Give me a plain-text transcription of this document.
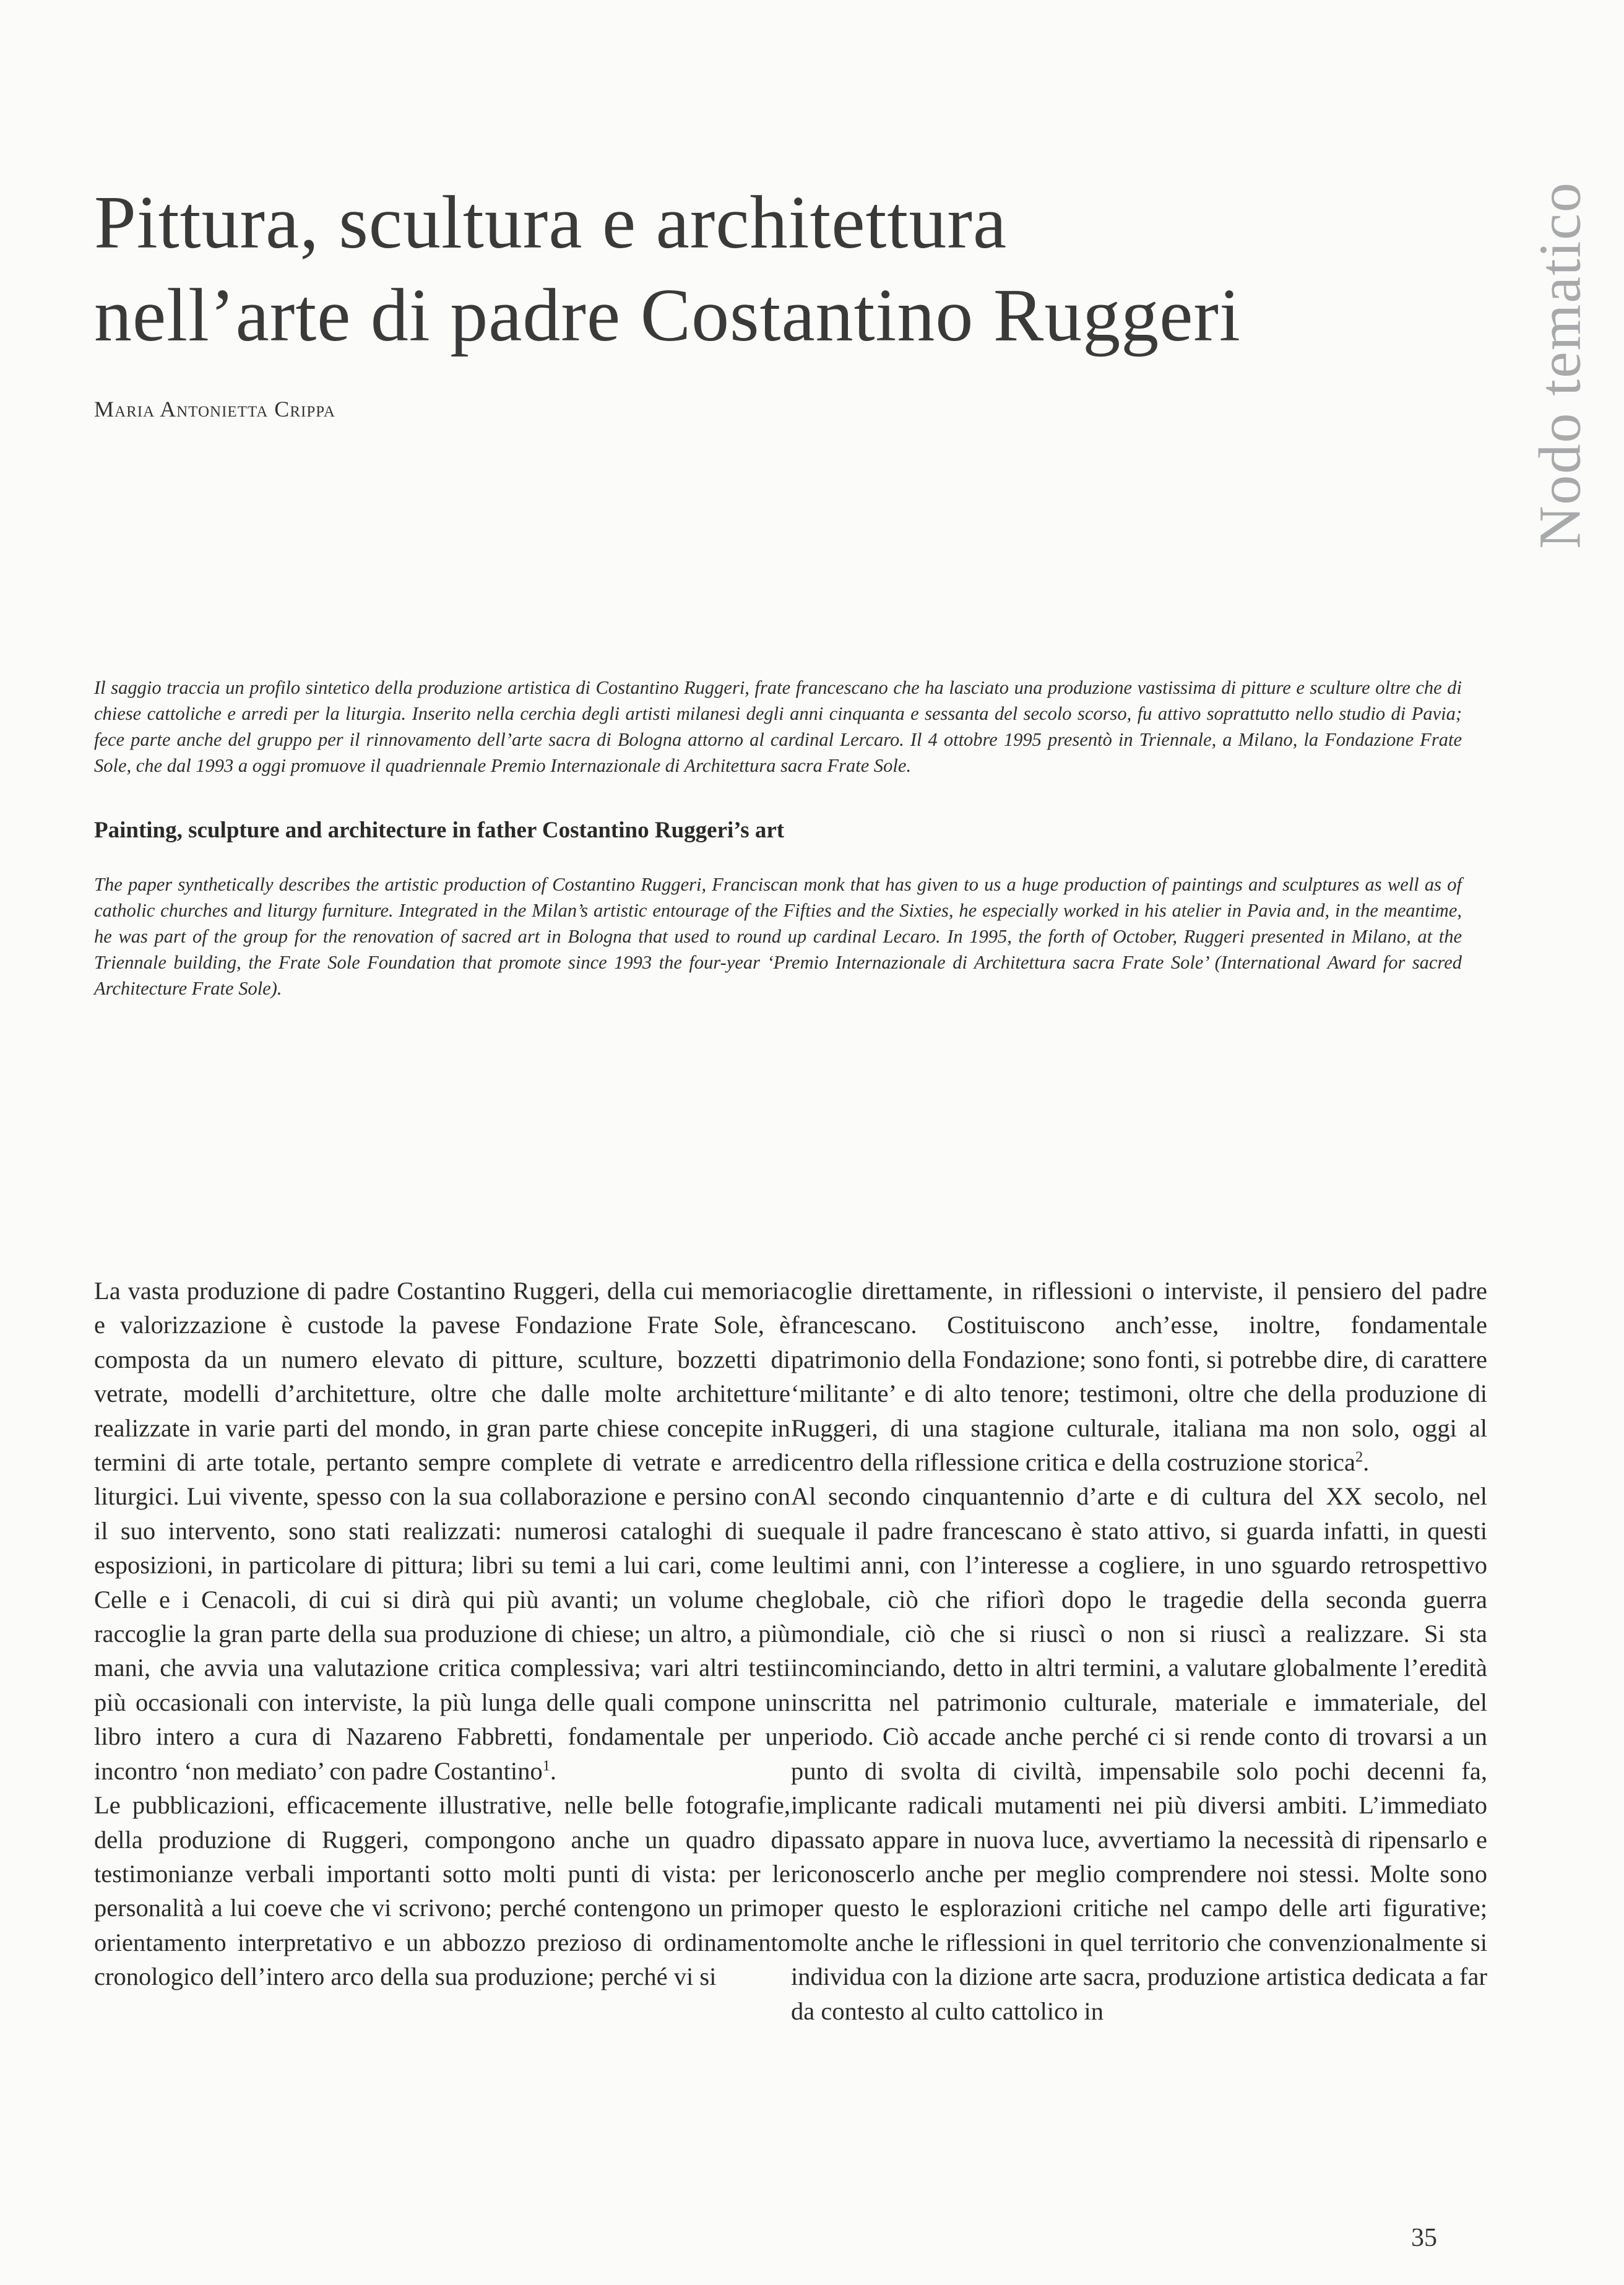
Pittura, scultura e architettura
nell’arte di padre Costantino Ruggeri
Maria Antonietta Crippa	Nodo tematico

Il saggio traccia un profilo sintetico della produzione artistica di Costantino Ruggeri, frate francescano che ha lasciato una produzione vastissima di pitture e sculture oltre che di chiese cattoliche e arredi per la liturgia. Inserito nella cerchia degli artisti milanesi degli anni cinquanta e sessanta del secolo scorso, fu attivo soprattutto nello studio di Pavia; fece parte anche del gruppo per il rinnovamento dell’arte sacra di Bologna attorno al cardinal Lercaro. Il 4 ottobre 1995 presentò in Triennale, a Milano, la Fondazione Frate Sole, che dal 1993 a oggi promuove il quadriennale Premio Internazionale di Architettura sacra Frate Sole.

Painting, sculpture and architecture in father Costantino Ruggeri’s art

The paper synthetically describes the artistic production of Costantino Ruggeri, Franciscan monk that has given to us a huge production of paintings and sculptures as well as of catholic churches and liturgy furniture. Integrated in the Milan’s artistic entourage of the Fifties and the Sixties, he especially worked in his atelier in Pavia and, in the meantime, he was part of the group for the renovation of sacred art in Bologna that used to round up cardinal Lecaro. In 1995, the forth of October, Ruggeri presented in Milano, at the Triennale building, the Frate Sole Foundation that promote since 1993 the four-year ‘Premio Internazionale di Architettura sacra Frate Sole’ (International Award for sacred Architecture Frate Sole).

La vasta produzione di padre Costantino Ruggeri, della cui memoria e valorizzazione è custode la pavese Fondazione Frate Sole, è composta da un numero elevato di pitture, sculture, bozzetti di vetrate, modelli d’architetture, oltre che dalle molte architetture realizzate in varie parti del mondo, in gran parte chiese concepite in termini di arte totale, pertanto sempre complete di vetrate e arredi liturgici. Lui vivente, spesso con la sua collaborazione e persino con il suo intervento, sono stati realizzati: numerosi cataloghi di sue esposizioni, in particolare di pittura; libri su temi a lui cari, come le Celle e i Cenacoli, di cui si dirà qui più avanti; un volume che raccoglie la gran parte della sua produzione di chiese; un altro, a più mani, che avvia una valutazione critica complessiva; vari altri testi più occasionali con interviste, la più lunga delle quali compone un libro intero a cura di Nazareno Fabbretti, fondamentale per un incontro ‘non mediato’ con padre Costantino$^1$.

Le pubblicazioni, efficacemente illustrative, nelle belle fotografie, della produzione di Ruggeri, compongono anche un quadro di testimonianze verbali importanti sotto molti punti di vista: per le personalità a lui coeve che vi scrivono; perché contengono un primo orientamento interpretativo e un abbozzo prezioso di ordinamento cronologico dell’intero arco della sua produzione; perché vi si

coglie direttamente, in riflessioni o interviste, il pensiero del padre francescano. Costituiscono anch’esse, inoltre, fondamentale patrimonio della Fondazione; sono fonti, si potrebbe dire, di carattere ‘militante’ e di alto tenore; testimoni, oltre che della produzione di Ruggeri, di una stagione culturale, italiana ma non solo, oggi al centro della riflessione critica e della costruzione storica$^2$.

Al secondo cinquantennio d’arte e di cultura del XX secolo, nel quale il padre francescano è stato attivo, si guarda infatti, in questi ultimi anni, con l’interesse a cogliere, in uno sguardo retrospettivo globale, ciò che rifiorì dopo le tragedie della seconda guerra mondiale, ciò che si riuscì o non si riuscì a realizzare. Si sta incominciando, detto in altri termini, a valutare globalmente l’eredità inscritta nel patrimonio culturale, materiale e immateriale, del periodo. Ciò accade anche perché ci si rende conto di trovarsi a un punto di svolta di civiltà, impensabile solo pochi decenni fa, implicante radicali mutamenti nei più diversi ambiti. L’immediato passato appare in nuova luce, avvertiamo la necessità di ripensarlo e riconoscerlo anche per meglio comprendere noi stessi. Molte sono per questo le esplorazioni critiche nel campo delle arti figurative; molte anche le riflessioni in quel territorio che convenzionalmente si individua con la dizione arte sacra, produzione artistica dedicata a far da contesto al culto cattolico in

35
